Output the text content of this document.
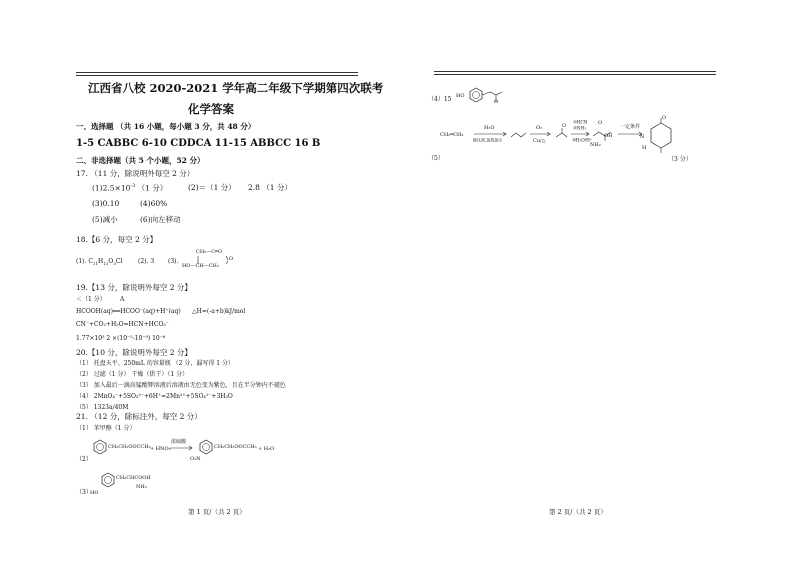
江西省八校 2020-2021 学年高二年级下学期第四次联考
化学答案
一、选择题 （共 16 小题，每小题 3 分，共 48 分）
1-5 CABBC 6-10 CDDCA 11-15 ABBCC 16 B
二、非选择题（共 5 个小题，52 分）
17. （11 分，除说明外每空 2 分）
$(1)2.5\times 10^{-3}$ （1 分）	(2)＝（1 分） 2.8 （1 分）
(3)0.10	(4)60%
(5)减小	(6)向左移动
18.【6 分，每空 2 分】
(1). $C_{11}H_{13}O_3Cl$	(2). 3 (3).
CH₂—C═O
HO—CH—CH₂
O
19.【13 分，除说明外每空 2 分】
＜（1 分） A
HCOOH(aq)══HCOO⁻(aq)+H⁺(aq) △H=(-a+b)kJ/mol
CN⁻+CO₂+H₂O=HCN+HCO₃⁻
1.77×10⁵ 2 ×(10⁻⁵-10⁻⁹) 10⁻⁶
20.【10 分，除说明外每空 2 分】
（1） 托盘天平、250mL 的容量瓶 （2 分，漏写得 1 分）
（2） 过滤（1 分） 干燥（烘干）（1 分）
（3） 加入最后一滴高锰酸钾溶液后溶液由无色变为紫色，且在半分钟内不褪色
（4） 2MnO₄⁻+5SO₃²⁻+6H⁺=2Mn²⁺+5SO₄²⁻+3H₂O
（5） 1323a/40M
21. （12 分，除标注外，每空 2 分）
（1） 苯甲醇（1 分）
（2）
CH₂CH₂OOCCH₃ + HNO₃
浓硫酸
→	CH₂CH₂OOCCH₃
O₂N
+ H₂O
（3）
HO
CH₂CHCOOH
NH₂
第 1 页/（共 2 页）
HO
O
（4）15
（5）
CH₂═CH₂
H₂O
催化剂,加热加压
O₂
Cu/△
O
①HCN
②NH₃
③H₂O/H⁺
O
OH
NH₂
一定条件
O
H
N
（3 分）
第 2 页/（共 2 页）
